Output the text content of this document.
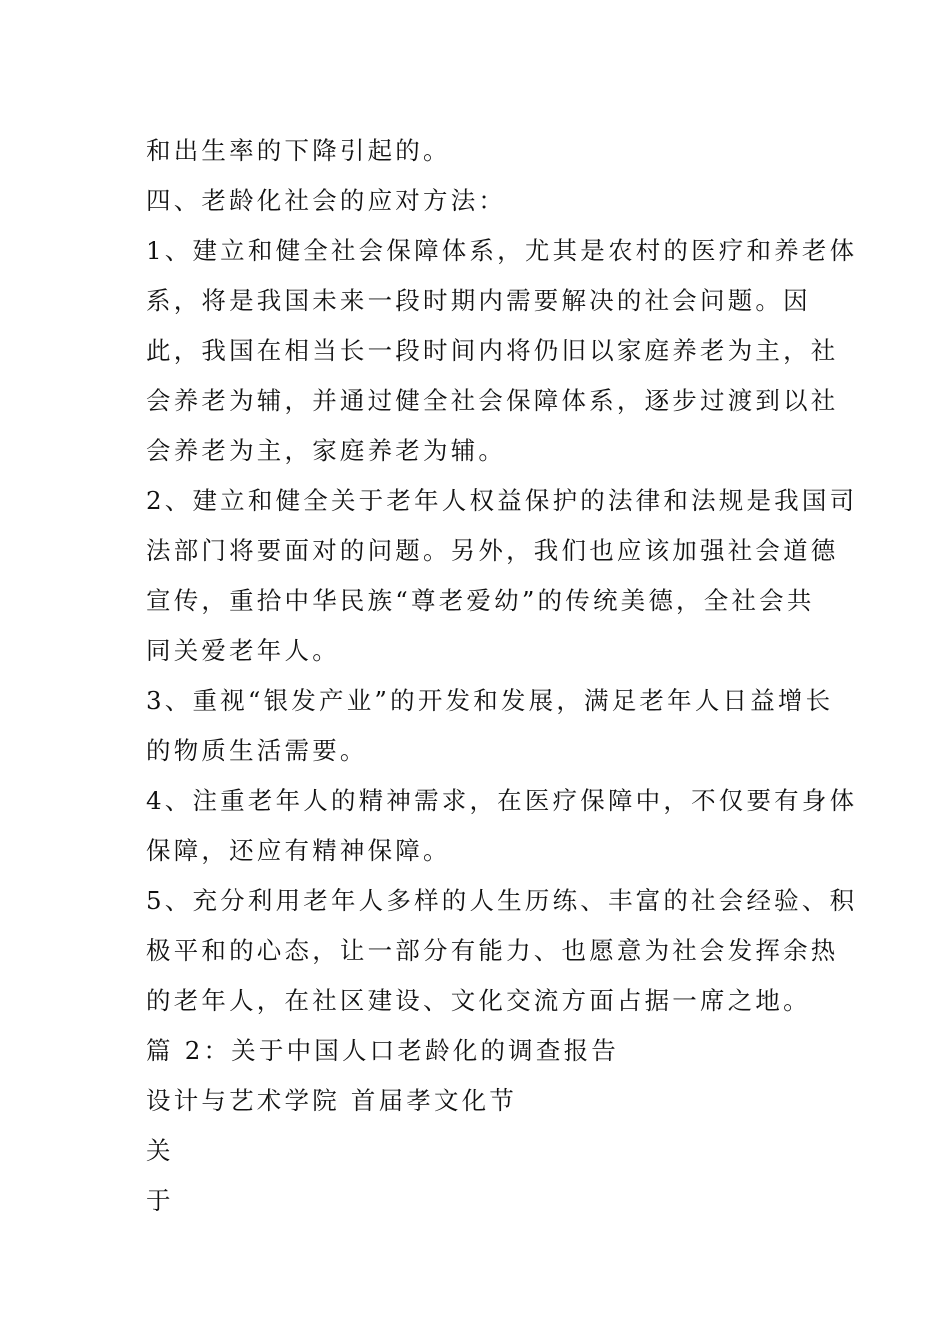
和出生率的下降引起的。
四、老龄化社会的应对方法：
1、建立和健全社会保障体系，尤其是农村的医疗和养老体
系，将是我国未来一段时期内需要解决的社会问题。因
此，我国在相当长一段时间内将仍旧以家庭养老为主，社
会养老为辅，并通过健全社会保障体系，逐步过渡到以社
会养老为主，家庭养老为辅。
2、建立和健全关于老年人权益保护的法律和法规是我国司
法部门将要面对的问题。另外，我们也应该加强社会道德
宣传，重拾中华民族“尊老爱幼”的传统美德，全社会共
同关爱老年人。
3、重视“银发产业”的开发和发展，满足老年人日益增长
的物质生活需要。
4、注重老年人的精神需求，在医疗保障中，不仅要有身体
保障，还应有精神保障。
5、充分利用老年人多样的人生历练、丰富的社会经验、积
极平和的心态，让一部分有能力、也愿意为社会发挥余热
的老年人，在社区建设、文化交流方面占据一席之地。
篇 2：关于中国人口老龄化的调查报告
设计与艺术学院 首届孝文化节
关
于
